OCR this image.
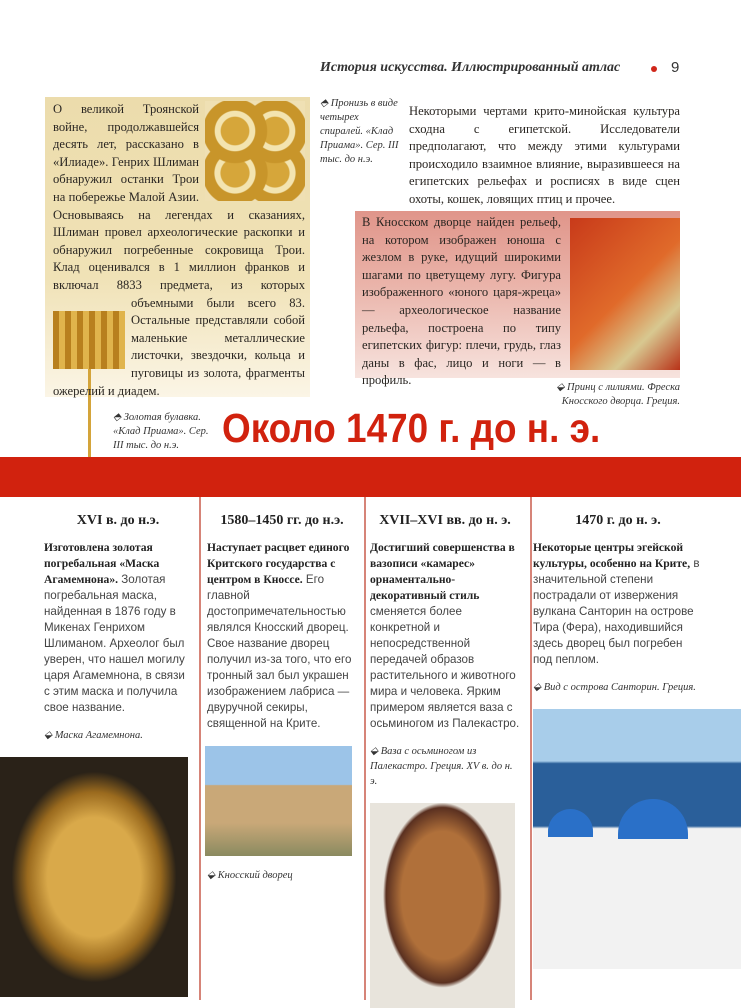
История искусства. Иллюстрированный атлас	9
О великой Троянской войне, продолжавшейся десять лет, рассказано в «Илиаде». Генрих Шлиман обнаружил останки Трои на побережье Малой Азии. Основываясь на легендах и сказаниях, Шлиман провел археологические раскопки и обнаружил погребенные сокровища Трои. Клад оценивался в 1 миллион франков и включал 8833 предмета, из которых объемными были всего 83. Остальные представляли собой маленькие металлические листочки, звездочки, кольца и пуговицы из золота, фрагменты ожерелий и диадем.
⬘ Пронизь в виде четырех спиралей. «Клад Приама». Сер. III тыс. до н.э.
Некоторыми чертами крито-минойская культура сходна с египетской. Исследователи предполагают, что между этими культурами происходило взаимное влияние, выразившееся на египетских рельефах и росписях в виде сцен охоты, кошек, ловящих птиц и прочее.
В Кносском дворце найден рельеф, на котором изображен юноша с жезлом в руке, идущий широкими шагами по цветущему лугу. Фигура изображенного «юного царя-жреца» — археологическое название рельефа, построена по типу египетских фигур: плечи, грудь, глаз даны в фас, лицо и ноги — в профиль.
⬙ Принц с лилиями. Фреска Кносского дворца. Греция.
⬘ Золотая булавка. «Клад Приама». Сер. III тыс. до н.э.	Около 1470 г. до н. э.
XVI в. до н.э.

Изготовлена золотая погребальная «Маска Агамемнона». Золотая погребальная маска, найденная в 1876 году в Микенах Генрихом Шлиманом. Археолог был уверен, что нашел могилу царя Агамемнона, в связи с этим маска и получила свое название.

⬙ Маска Агамемнона.

1580–1450 гг. до н.э.

Наступает расцвет единого Критского государства с центром в Кноссе. Его главной достопримечательностью являлся Кносский дворец. Свое название дворец получил из-за того, что его тронный зал был украшен изображением лабриса — двуручной секиры, священной на Крите.

⬙ Кносский дворец

XVII–XVI вв. до н. э.

Достигший совершенства в вазописи «камарес» орнаментально-декоративный стиль сменяется более конкретной и непосредственной передачей образов растительного и животного мира и человека. Ярким примером является ваза с осьминогом из Палекастро.

⬙ Ваза с осьминогом из Палекастро. Греция. XV в. до н. э.

1470 г. до н. э.

Некоторые центры эгейской культуры, особенно на Крите, в значительной степени пострадали от извержения вулкана Санторин на острове Тира (Фера), находившийся здесь дворец был погребен под пеплом.

⬙ Вид с острова Санторин. Греция.
